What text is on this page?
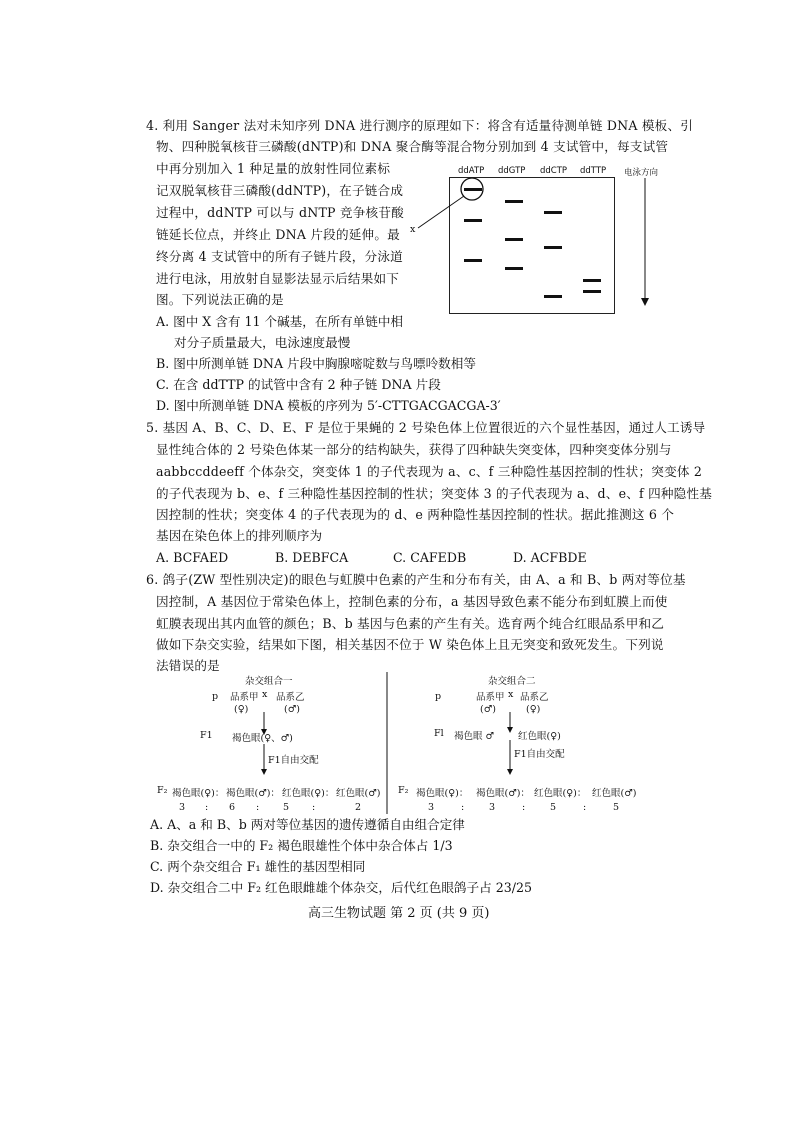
4. 利用 Sanger 法对未知序列 DNA 进行测序的原理如下：将含有适量待测单链 DNA 模板、引
物、四种脱氧核苷三磷酸(dNTP)和 DNA 聚合酶等混合物分别加到 4 支试管中，每支试管
中再分别加入 1 种足量的放射性同位素标
记双脱氧核苷三磷酸(ddNTP)，在子链合成
过程中，ddNTP 可以与 dNTP 竞争核苷酸
链延长位点，并终止 DNA 片段的延伸。最
终分离 4 支试管中的所有子链片段，分泳道
进行电泳，用放射自显影法显示后结果如下
图。下列说法正确的是
A. 图中 X 含有 11 个碱基，在所有单链中相
对分子质量最大，电泳速度最慢
B. 图中所测单链 DNA 片段中胸腺嘧啶数与鸟嘌呤数相等
C. 在含 ddTTP 的试管中含有 2 种子链 DNA 片段
D. 图中所测单链 DNA 模板的序列为 5′-CTTGACGACGA-3′
ddATP ddGTP ddCTP ddTTP 电泳方向
x
5. 基因 A、B、C、D、E、F 是位于果蝇的 2 号染色体上位置很近的六个显性基因，通过人工诱导
显性纯合体的 2 号染色体某一部分的结构缺失，获得了四种缺失突变体，四种突变体分别与
aabbccddeeff 个体杂交，突变体 1 的子代表现为 a、c、f 三种隐性基因控制的性状；突变体 2
的子代表现为 b、e、f 三种隐性基因控制的性状；突变体 3 的子代表现为 a、d、e、f 四种隐性基
因控制的性状；突变体 4 的子代表现为的 d、e 两种隐性基因控制的性状。据此推测这 6 个
基因在染色体上的排列顺序为
A. BCFAED	B. DEBFCA	C. CAFEDB	D. ACFBDE
6. 鸽子(ZW 型性别决定)的眼色与虹膜中色素的产生和分布有关，由 A、a 和 B、b 两对等位基
因控制，A 基因位于常染色体上，控制色素的分布，a 基因导致色素不能分布到虹膜上而使
虹膜表现出其内血管的颜色；B、b 基因与色素的产生有关。选育两个纯合红眼品系甲和乙
做如下杂交实验，结果如下图，相关基因不位于 W 染色体上且无突变和致死发生。下列说
法错误的是
杂交组合一
p 品系甲 x 品系乙
(♀)	(♂)
F1 褐色眼(♀、♂)
F1自由交配
F₂ 褐色眼(♀)： 褐色眼(♂)： 红色眼(♀)： 红色眼(♂)
3 : 6 :	5 :	2
杂交组合二
p	品系甲 x 品系乙
(♂)	(♀)
Fl 褐色眼 ♂	红色眼(♀)
F1自由交配
F₂ 褐色眼(♀)： 褐色眼(♂)： 红色眼(♀)： 红色眼(♂)
3	:	3	:	5	:	5
A. A、a 和 B、b 两对等位基因的遗传遵循自由组合定律
B. 杂交组合一中的 F₂ 褐色眼雄性个体中杂合体占 1/3
C. 两个杂交组合 F₁ 雄性的基因型相同
D. 杂交组合二中 F₂ 红色眼雌雄个体杂交，后代红色眼鸽子占 23/25
高三生物试题 第 2 页 (共 9 页)
